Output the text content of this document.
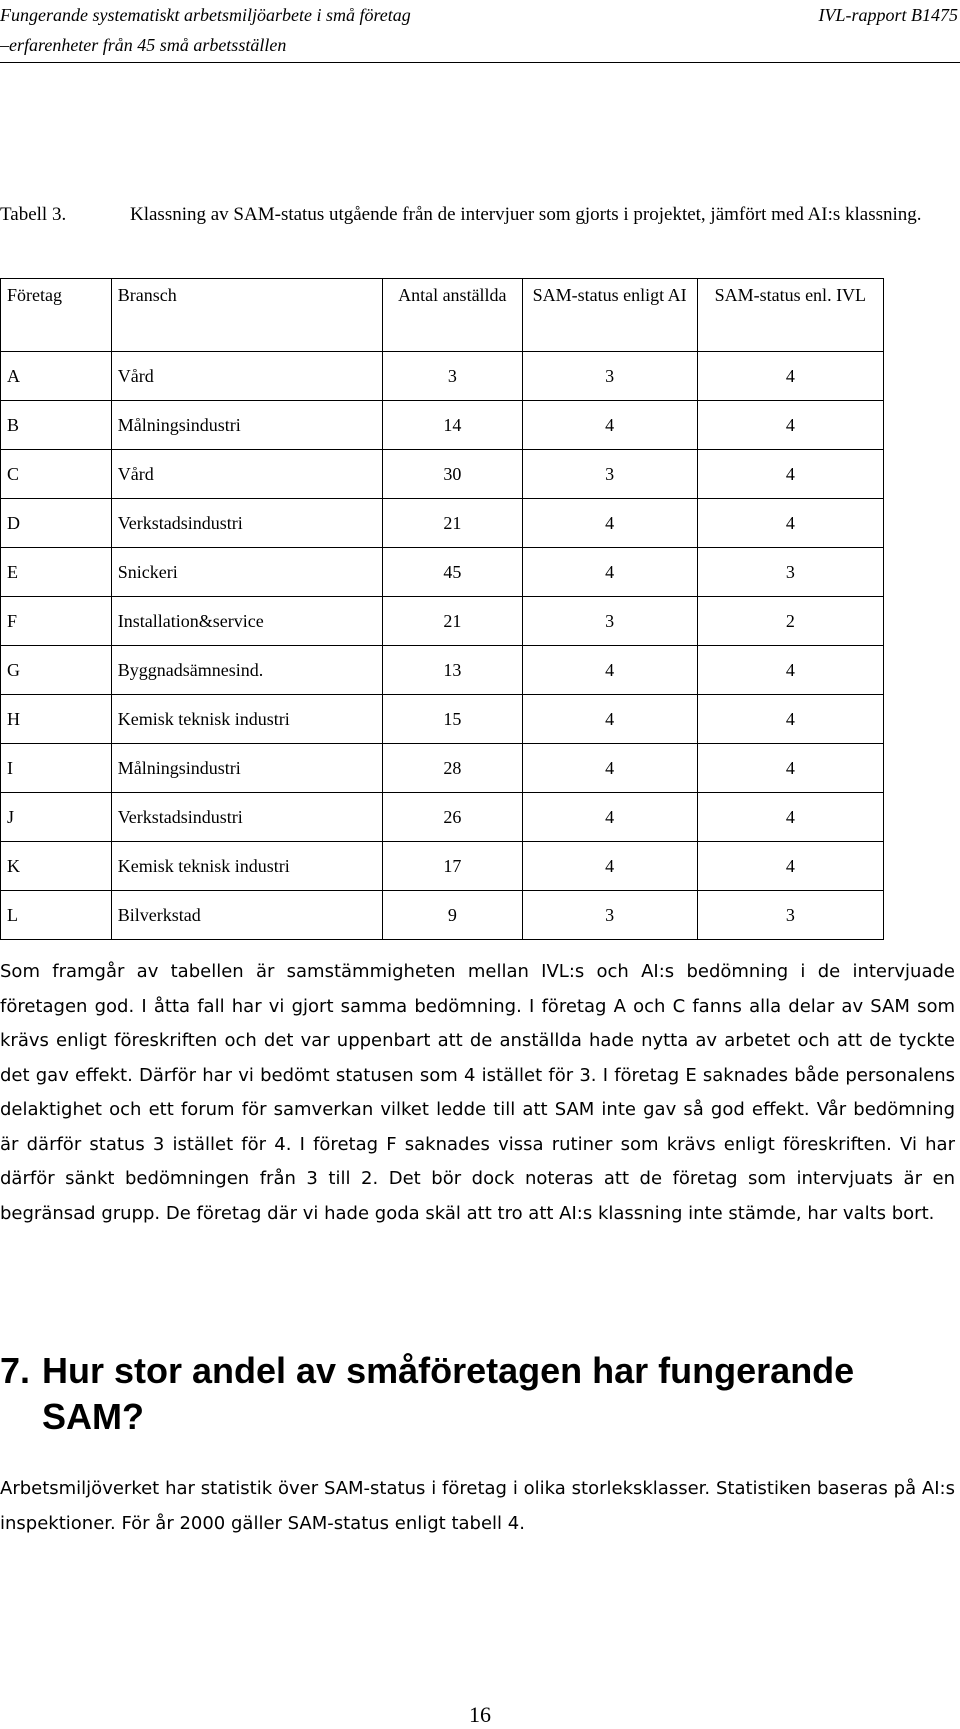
Fungerande systematiskt arbetsmiljöarbete i små företag	IVL-rapport B1475
–erfarenheter från 45 små arbetsställen
Tabell 3.	Klassning av SAM-status utgående från de intervjuer som gjorts i projektet, jämfört med AI:s klassning.
Företag	Bransch	Antal anställda	SAM-status enligt AI	SAM-status enl. IVL
A	Vård	3	3	4
B	Målningsindustri	14	4	4
C	Vård	30	3	4
D	Verkstadsindustri	21	4	4
E	Snickeri	45	4	3
F	Installation&service	21	3	2
G	Byggnadsämnesind.	13	4	4
H	Kemisk teknisk industri	15	4	4
I	Målningsindustri	28	4	4
J	Verkstadsindustri	26	4	4
K	Kemisk teknisk industri	17	4	4
L	Bilverkstad	9	3	3

Som framgår av tabellen är samstämmigheten mellan IVL:s och AI:s bedömning i de intervjuade företagen god. I åtta fall har vi gjort samma bedömning. I företag A och C fanns alla delar av SAM som krävs enligt föreskriften och det var uppenbart att de anställda hade nytta av arbetet och att de tyckte det gav effekt. Därför har vi bedömt statusen som 4 istället för 3. I företag E saknades både personalens delaktighet och ett forum för samverkan vilket ledde till att SAM inte gav så god effekt. Vår bedömning är därför status 3 istället för 4. I företag F saknades vissa rutiner som krävs enligt föreskriften. Vi har därför sänkt bedömningen från 3 till 2. Det bör dock noteras att de företag som intervjuats är en begränsad grupp. De företag där vi hade goda skäl att tro att AI:s klassning inte stämde, har valts bort.

7. Hur stor andel av småföretagen har fungerande SAM?

Arbetsmiljöverket har statistik över SAM-status i företag i olika storleksklasser. Statistiken baseras på AI:s inspektioner. För år 2000 gäller SAM-status enligt tabell 4.

16
